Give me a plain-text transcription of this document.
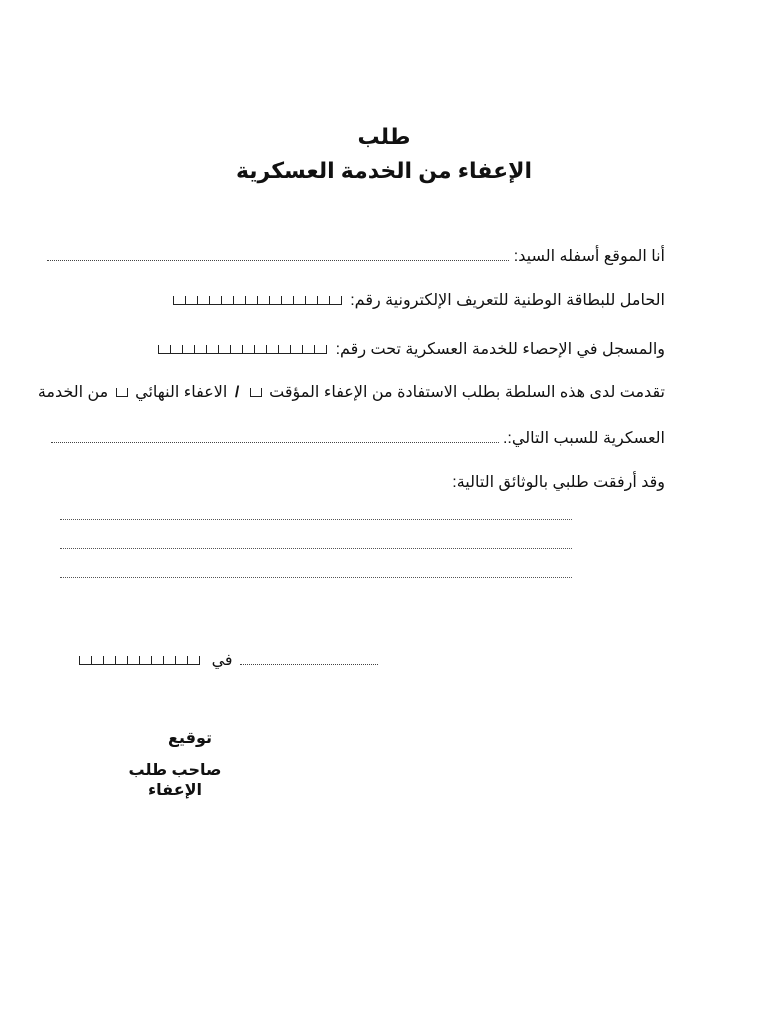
طلب
الإعفاء من الخدمة العسكرية
أنا الموقع أسفله السيد:
الحامل للبطاقة الوطنية للتعريف الإلكترونية رقم:
والمسجل في الإحصاء للخدمة العسكرية تحت رقم:
تقدمت لدى هذه السلطة بطلب الاستفادة من الإعفاء المؤقت  / الاعفاء النهائي  من الخدمة
العسكرية للسبب التالي:.
وقد أرفقت طلبي بالوثائق التالية:
في
توقيع
صاحب طلب الإعفاء
